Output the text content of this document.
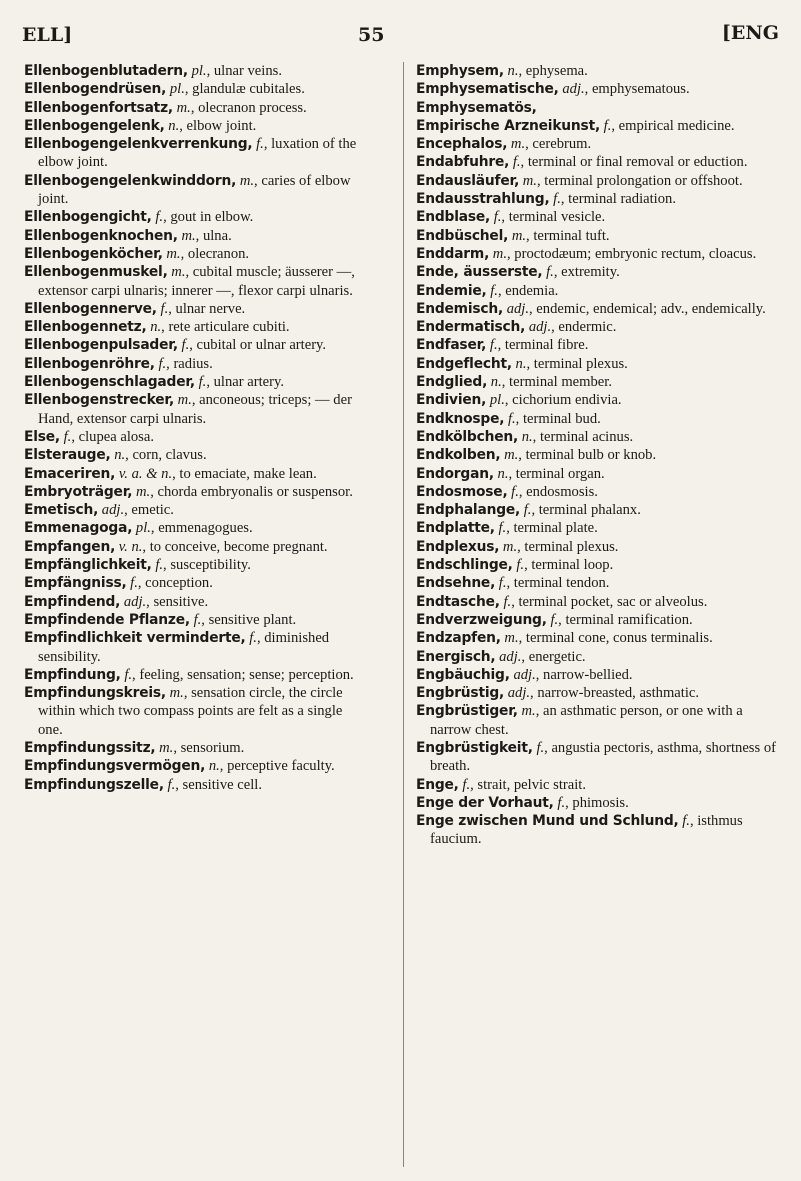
ELL]	55	[ENG

Ellenbogenblutadern, pl., ulnar veins.

Ellenbogendrüsen, pl., glandulæ cubitales.

Ellenbogenfortsatz, m., olecranon process.

Ellenbogengelenk, n., elbow joint.

Ellenbogengelenkverrenkung, f., luxation of the elbow joint.

Ellenbogengelenkwinddorn, m., caries of elbow joint.

Ellenbogengicht, f., gout in elbow.

Ellenbogenknochen, m., ulna.

Ellenbogenköcher, m., olecranon.

Ellenbogenmuskel, m., cubital muscle; äusserer —, extensor carpi ulnaris; innerer —, flexor carpi ulnaris.

Ellenbogennerve, f., ulnar nerve.

Ellenbogennetz, n., rete articulare cubiti.

Ellenbogenpulsader, f., cubital or ulnar artery.

Ellenbogenröhre, f., radius.

Ellenbogenschlagader, f., ulnar artery.

Ellenbogenstrecker, m., anconeous; triceps; — der Hand, extensor carpi ulnaris.

Else, f., clupea alosa.

Elsterauge, n., corn, clavus.

Emaceriren, v. a. & n., to emaciate, make lean.

Embryoträger, m., chorda embryonalis or suspensor.

Emetisch, adj., emetic.

Emmenagoga, pl., emmenagogues.

Empfangen, v. n., to conceive, become pregnant.

Empfänglichkeit, f., susceptibility.

Empfängniss, f., conception.

Empfindend, adj., sensitive.

Empfindende Pflanze, f., sensitive plant.

Empfindlichkeit verminderte, f., diminished sensibility.

Empfindung, f., feeling, sensation; sense; perception.

Empfindungskreis, m., sensation circle, the circle within which two compass points are felt as a single one.

Empfindungssitz, m., sensorium.

Empfindungsvermögen, n., perceptive faculty.

Empfindungszelle, f., sensitive cell.

Emphysem, n., ephysema.

Emphysematische, adj., emphysematous.

Emphysematös,

Empirische Arzneikunst, f., empirical medicine.

Encephalos, m., cerebrum.

Endabfuhre, f., terminal or final removal or eduction.

Endausläufer, m., terminal prolongation or offshoot.

Endausstrahlung, f., terminal radiation.

Endblase, f., terminal vesicle.

Endbüschel, m., terminal tuft.

Enddarm, m., proctodæum; embryonic rectum, cloacus.

Ende, äusserste, f., extremity.

Endemie, f., endemia.

Endemisch, adj., endemic, endemical; adv., endemically.

Endermatisch, adj., endermic.

Endfaser, f., terminal fibre.

Endgeflecht, n., terminal plexus.

Endglied, n., terminal member.

Endivien, pl., cichorium endivia.

Endknospe, f., terminal bud.

Endkölbchen, n., terminal acinus.

Endkolben, m., terminal bulb or knob.

Endorgan, n., terminal organ.

Endosmose, f., endosmosis.

Endphalange, f., terminal phalanx.

Endplatte, f., terminal plate.

Endplexus, m., terminal plexus.

Endschlinge, f., terminal loop.

Endsehne, f., terminal tendon.

Endtasche, f., terminal pocket, sac or alveolus.

Endverzweigung, f., terminal ramification.

Endzapfen, m., terminal cone, conus terminalis.

Energisch, adj., energetic.

Engbäuchig, adj., narrow-bellied.

Engbrüstig, adj., narrow-breasted, asthmatic.

Engbrüstiger, m., an asthmatic person, or one with a narrow chest.

Engbrüstigkeit, f., angustia pectoris, asthma, shortness of breath.

Enge, f., strait, pelvic strait.

Enge der Vorhaut, f., phimosis.

Enge zwischen Mund und Schlund, f., isthmus faucium.
